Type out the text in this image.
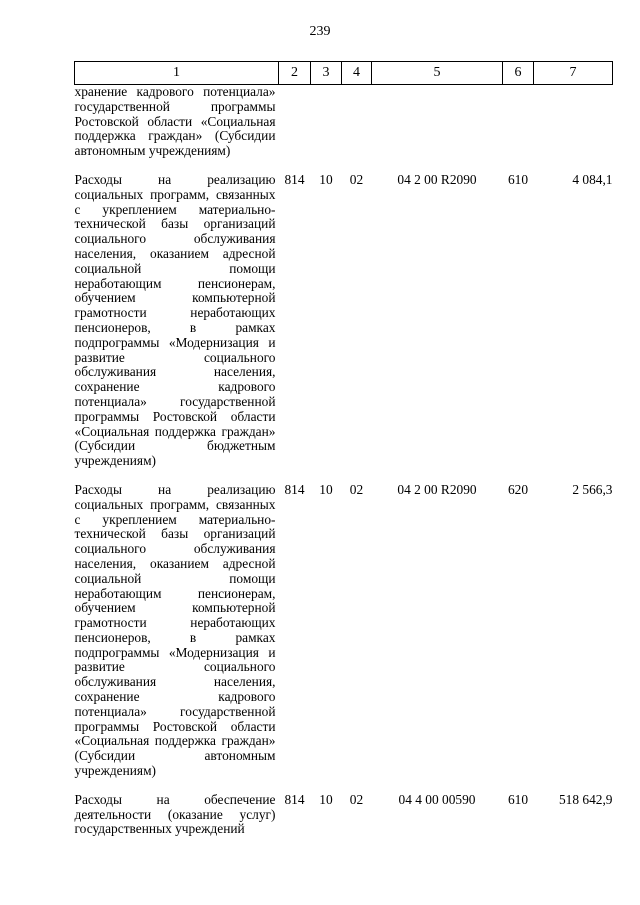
239
1	2	3	4	5	6	7
хранение кадрового потенциала» государственной программы Ростовской области «Социальная поддержка граждан» (Субсидии автономным учреждениям)						

Расходы на реализацию социальных программ, связанных с укреплением материально-технической базы организаций социального обслуживания населения, оказанием адресной социальной помощи неработающим пенсионерам, обучением компьютерной грамотности неработающих пенсионеров, в рамках подпрограммы «Модернизация и развитие социального обслуживания населения, сохранение кадрового потенциала» государственной программы Ростовской области «Социальная поддержка граждан» (Субсидии бюджетным учреждениям)	814	10	02	04 2 00 R2090	610	4 084,1

Расходы на реализацию социальных программ, связанных с укреплением материально-технической базы организаций социального обслуживания населения, оказанием адресной социальной помощи неработающим пенсионерам, обучением компьютерной грамотности неработающих пенсионеров, в рамках подпрограммы «Модернизация и развитие социального обслуживания населения, сохранение кадрового потенциала» государственной программы Ростовской области «Социальная поддержка граждан» (Субсидии автономным учреждениям)	814	10	02	04 2 00 R2090	620	2 566,3

Расходы на обеспечение деятельности (оказание услуг) государственных учреждений	814	10	02	04 4 00 00590	610	518 642,9
